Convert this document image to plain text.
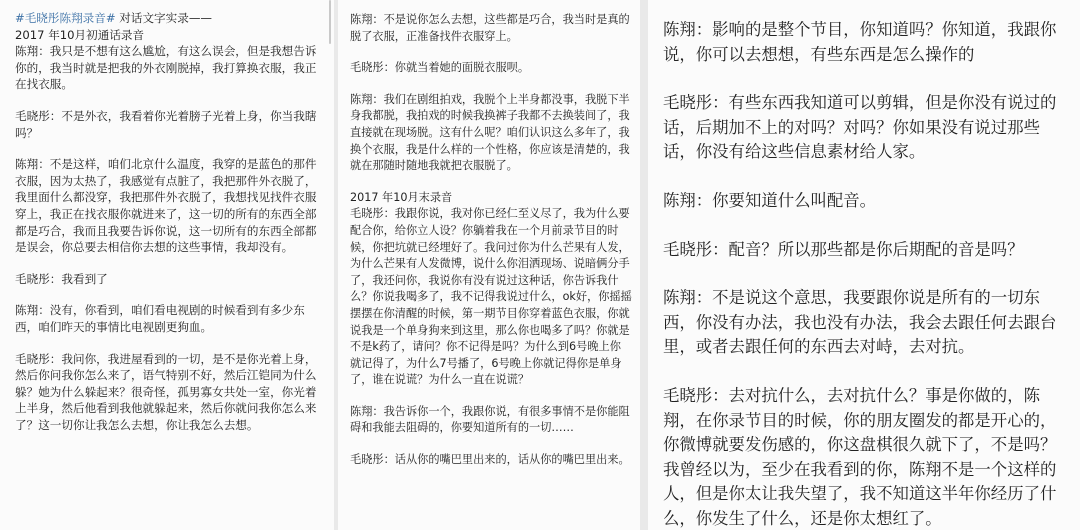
#毛晓彤陈翔录音# 对话文字实录——
2017 年10月初通话录音

陈翔：我只是不想有这么尴尬，有这么误会，但是我想告诉你的，我当时就是把我的外衣刚脱掉，我打算换衣服，我正在找衣服。

毛晓彤：不是外衣，我看着你光着膀子光着上身，你当我瞎吗？

陈翔：不是这样，咱们北京什么温度，我穿的是蓝色的那件衣服，因为太热了，我感觉有点脏了，我把那件外衣脱了，我里面什么都没穿，我把那件外衣脱了，我想找见找件衣服穿上，我正在找衣服你就进来了，这一切的所有的东西全部都是巧合，我而且我要告诉你说，这一切所有的东西全部都是误会，你总要去相信你去想的这些事情，我却没有。

毛晓彤：我看到了

陈翔：没有，你看到，咱们看电视剧的时候看到有多少东西，咱们昨天的事情比电视剧更狗血。

毛晓彤：我问你，我进屋看到的一切，是不是你光着上身，然后你问我你怎么来了，语气特别不好，然后江铠同为什么躲？她为什么躲起来？很奇怪，孤男寡女共处一室，你光着上半身，然后他看到我他就躲起来，然后你就问我你怎么来了？这一切你让我怎么去想，你让我怎么去想。

陈翔：不是说你怎么去想，这些都是巧合，我当时是真的脱了衣服，正准备找件衣服穿上。

毛晓彤：你就当着她的面脱衣服呗。

陈翔：我们在剧组拍戏，我脱个上半身都没事，我脱下半身我都脱，我拍戏的时候我换裤子我都不去换装间了，我直接就在现场脱。这有什么呢？咱们认识这么多年了，我换个衣服，我是什么样的一个性格，你应该是清楚的，我就在那随时随地我就把衣服脱了。

2017 年10月末录音

毛晓彤：我跟你说，我对你已经仁至义尽了，我为什么要配合你，给你立人设？你躺着我在一个月前录节目的时候，你把坑就已经埋好了。我问过你为什么芒果有人发，为什么芒果有人发微博，说什么你泪洒现场、说暗俩分手了，我还问你，我说你有没有说过这种话，你告诉我什么？你说我喝多了，我不记得我说过什么，ok好，你摇摇摆摆在你清醒的时候，第一期节目你穿着蓝色衣服，你就说我是一个单身狗来到这里，那么你也喝多了吗？你就是不是k药了，请问？你不记得是吗？为什么到6号晚上你就记得了，为什么7号播了，6号晚上你就记得你是单身了，谁在说谎？为什么一直在说谎？

陈翔：我告诉你一个，我跟你说，有很多事情不是你能阻碍和我能去阻碍的，你要知道所有的一切……

毛晓彤：话从你的嘴巴里出来的，话从你的嘴巴里出来。

陈翔：影响的是整个节目，你知道吗？你知道，我跟你说，你可以去想想，有些东西是怎么操作的

毛晓彤：有些东西我知道可以剪辑，但是你没有说过的话，后期加不上的对吗？对吗？你如果没有说过那些话，你没有给这些信息素材给人家。

陈翔：你要知道什么叫配音。

毛晓彤：配音？所以那些都是你后期配的音是吗？

陈翔：不是说这个意思，我要跟你说是所有的一切东西，你没有办法，我也没有办法，我会去跟任何去跟台里，或者去跟任何的东西去对峙，去对抗。

毛晓彤：去对抗什么，去对抗什么？事是你做的，陈翔，在你录节目的时候，你的朋友圈发的都是开心的，你微博就要发伤感的，你这盘棋很久就下了，不是吗？我曾经以为，至少在我看到的你，陈翔不是一个这样的人，但是你太让我失望了，我不知道这半年你经历了什么，你发生了什么，还是你太想红了。
